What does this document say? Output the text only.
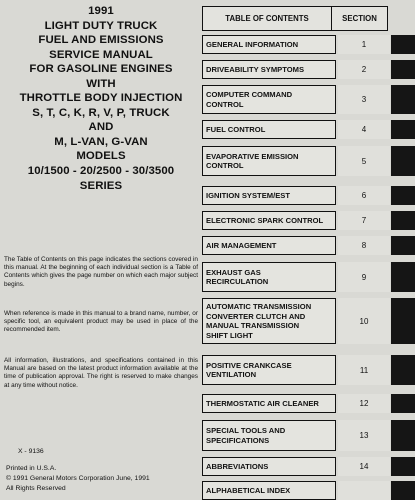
1991
LIGHT DUTY TRUCK
FUEL AND EMISSIONS
SERVICE MANUAL
FOR GASOLINE ENGINES
WITH
THROTTLE BODY INJECTION
S, T, C, K, R, V, P, TRUCK
AND
M, L-VAN, G-VAN
MODELS
10/1500 - 20/2500 - 30/3500
SERIES

The Table of Contents on this page indicates the sections covered in this manual. At the beginning of each individual section is a Table of Contents which gives the page number on which each major subject begins.

When reference is made in this manual to a brand name, number, or specific tool, an equivalent product may be used in place of the recommended item.

All information, illustrations, and specifications contained in this Manual are based on the latest product information available at the time of publication approval. The right is reserved to make changes at any time without notice.

X - 9136
Printed in U.S.A.
© 1991 General Motors Corporation June, 1991
All Rights Reserved
TABLE OF CONTENTS	SECTION
GENERAL INFORMATION	1
DRIVEABILITY SYMPTOMS	2
COMPUTER COMMAND
CONTROL	3
FUEL CONTROL	4
EVAPORATIVE EMISSION
CONTROL	5
IGNITION SYSTEM/EST	6
ELECTRONIC SPARK CONTROL	7
AIR MANAGEMENT	8
EXHAUST GAS
RECIRCULATION	9
AUTOMATIC TRANSMISSION
CONVERTER CLUTCH AND
MANUAL TRANSMISSION
SHIFT LIGHT
10
POSITIVE CRANKCASE
VENTILATION	11
THERMOSTATIC AIR CLEANER	12
SPECIAL TOOLS AND
SPECIFICATIONS	13
ABBREVIATIONS	14
ALPHABETICAL INDEX
